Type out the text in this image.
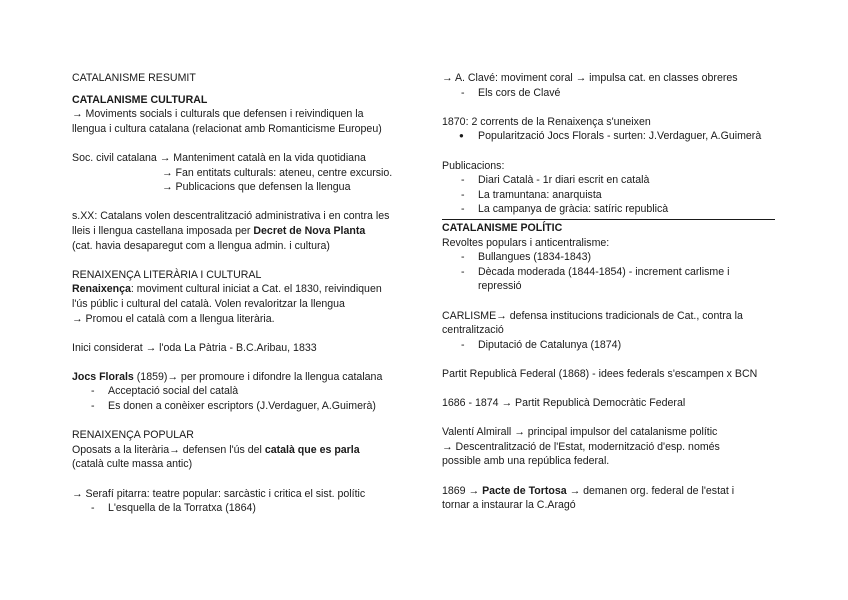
CATALANISME RESUMIT

CATALANISME CULTURAL

→ Moviments socials i culturals que defensen i reivindiquen la

llengua i cultura catalana (relacionat amb Romanticisme Europeu)

Soc. civil catalana → Manteniment català en la vida quotidiana

→ Fan entitats culturals: ateneu, centre excursio.

→ Publicacions que defensen la llengua

s.XX: Catalans volen descentralització administrativa i en contra les

lleis i llengua castellana imposada per Decret de Nova Planta

(cat. havia desaparegut com a llengua admin. i cultura)

RENAIXENÇA LITERÀRIA I CULTURAL

Renaixença: moviment cultural iniciat a Cat. el 1830, reivindiquen

l'ús públic i cultural del català. Volen revaloritzar la llengua

→ Promou el català com a llengua literària.

Inici considerat → l'oda La Pàtria - B.C.Aribau, 1833

Jocs Florals (1859)→ per promoure i difondre la llengua catalana

- Acceptació social del català
- Es donen a conèixer escriptors (J.Verdaguer, A.Guimerà)

RENAIXENÇA POPULAR

Oposats a la literària→ defensen l'ús del català que es parla

(català culte massa antic)

→ Serafí pitarra: teatre popular: sarcàstic i critica el sist. polític

- L'esquella de la Torratxa (1864)

→ A. Clavé: moviment coral → impulsa cat. en classes obreres

- Els cors de Clavé

1870: 2 corrents de la Renaixença s'uneixen

● Popularització Jocs Florals - surten: J.Verdaguer, A.Guimerà

Publicacions:

- Diari Català - 1r diari escrit en català
- La tramuntana: anarquista
- La campanya de gràcia: satíric republicà

CATALANISME POLÍTIC

Revoltes populars i anticentralisme:

- Bullangues (1834-1843)
- Dècada moderada (1844-1854) - increment carlisme i
repressió

CARLISME→ defensa institucions tradicionals de Cat., contra la

centralització

- Diputació de Catalunya (1874)

Partit Republicà Federal (1868) - idees federals s'escampen x BCN

1686 - 1874 → Partit Republicà Democràtic Federal

Valentí Almirall → principal impulsor del catalanisme polític

→ Descentralització de l'Estat, modernització d'esp. només

possible amb una república federal.

1869 → Pacte de Tortosa → demanen org. federal de l'estat i

tornar a instaurar la C.Aragó
